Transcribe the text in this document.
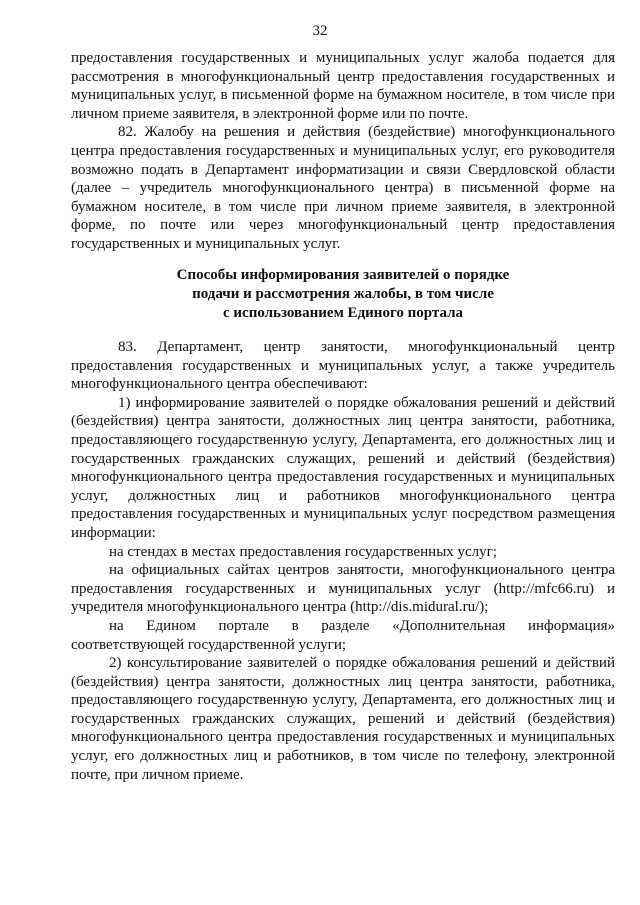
32

предоставления государственных и муниципальных услуг жалоба подается для рассмотрения в многофункциональный центр предоставления государственных и муниципальных услуг, в письменной форме на бумажном носителе, в том числе при личном приеме заявителя, в электронной форме или по почте.

82. Жалобу на решения и действия (бездействие) многофункционального центра предоставления государственных и муниципальных услуг, его руководителя возможно подать в Департамент информатизации и связи Свердловской области (далее – учредитель многофункционального центра) в письменной форме на бумажном носителе, в том числе при личном приеме заявителя, в электронной форме, по почте или через многофункциональный центр предоставления государственных и муниципальных услуг.

Способы информирования заявителей о порядке
подачи и рассмотрения жалобы, в том числе
с использованием Единого портала

83. Департамент, центр занятости, многофункциональный центр предоставления государственных и муниципальных услуг, а также учредитель многофункционального центра обеспечивают:

1) информирование заявителей о порядке обжалования решений и действий (бездействия) центра занятости, должностных лиц центра занятости, работника, предоставляющего государственную услугу, Департамента, его должностных лиц и государственных гражданских служащих, решений и действий (бездействия) многофункционального центра предоставления государственных и муниципальных услуг, должностных лиц и работников многофункционального центра предоставления государственных и муниципальных услуг посредством размещения информации:

на стендах в местах предоставления государственных услуг;

на официальных сайтах центров занятости, многофункционального центра предоставления государственных и муниципальных услуг (http://mfc66.ru) и учредителя многофункционального центра (http://dis.midural.ru/);

на Едином портале в разделе «Дополнительная информация» соответствующей государственной услуги;

2) консультирование заявителей о порядке обжалования решений и действий (бездействия) центра занятости, должностных лиц центра занятости, работника, предоставляющего государственную услугу, Департамента, его должностных лиц и государственных гражданских служащих, решений и действий (бездействия) многофункционального центра предоставления государственных и муниципальных услуг, его должностных лиц и работников, в том числе по телефону, электронной почте, при личном приеме.
